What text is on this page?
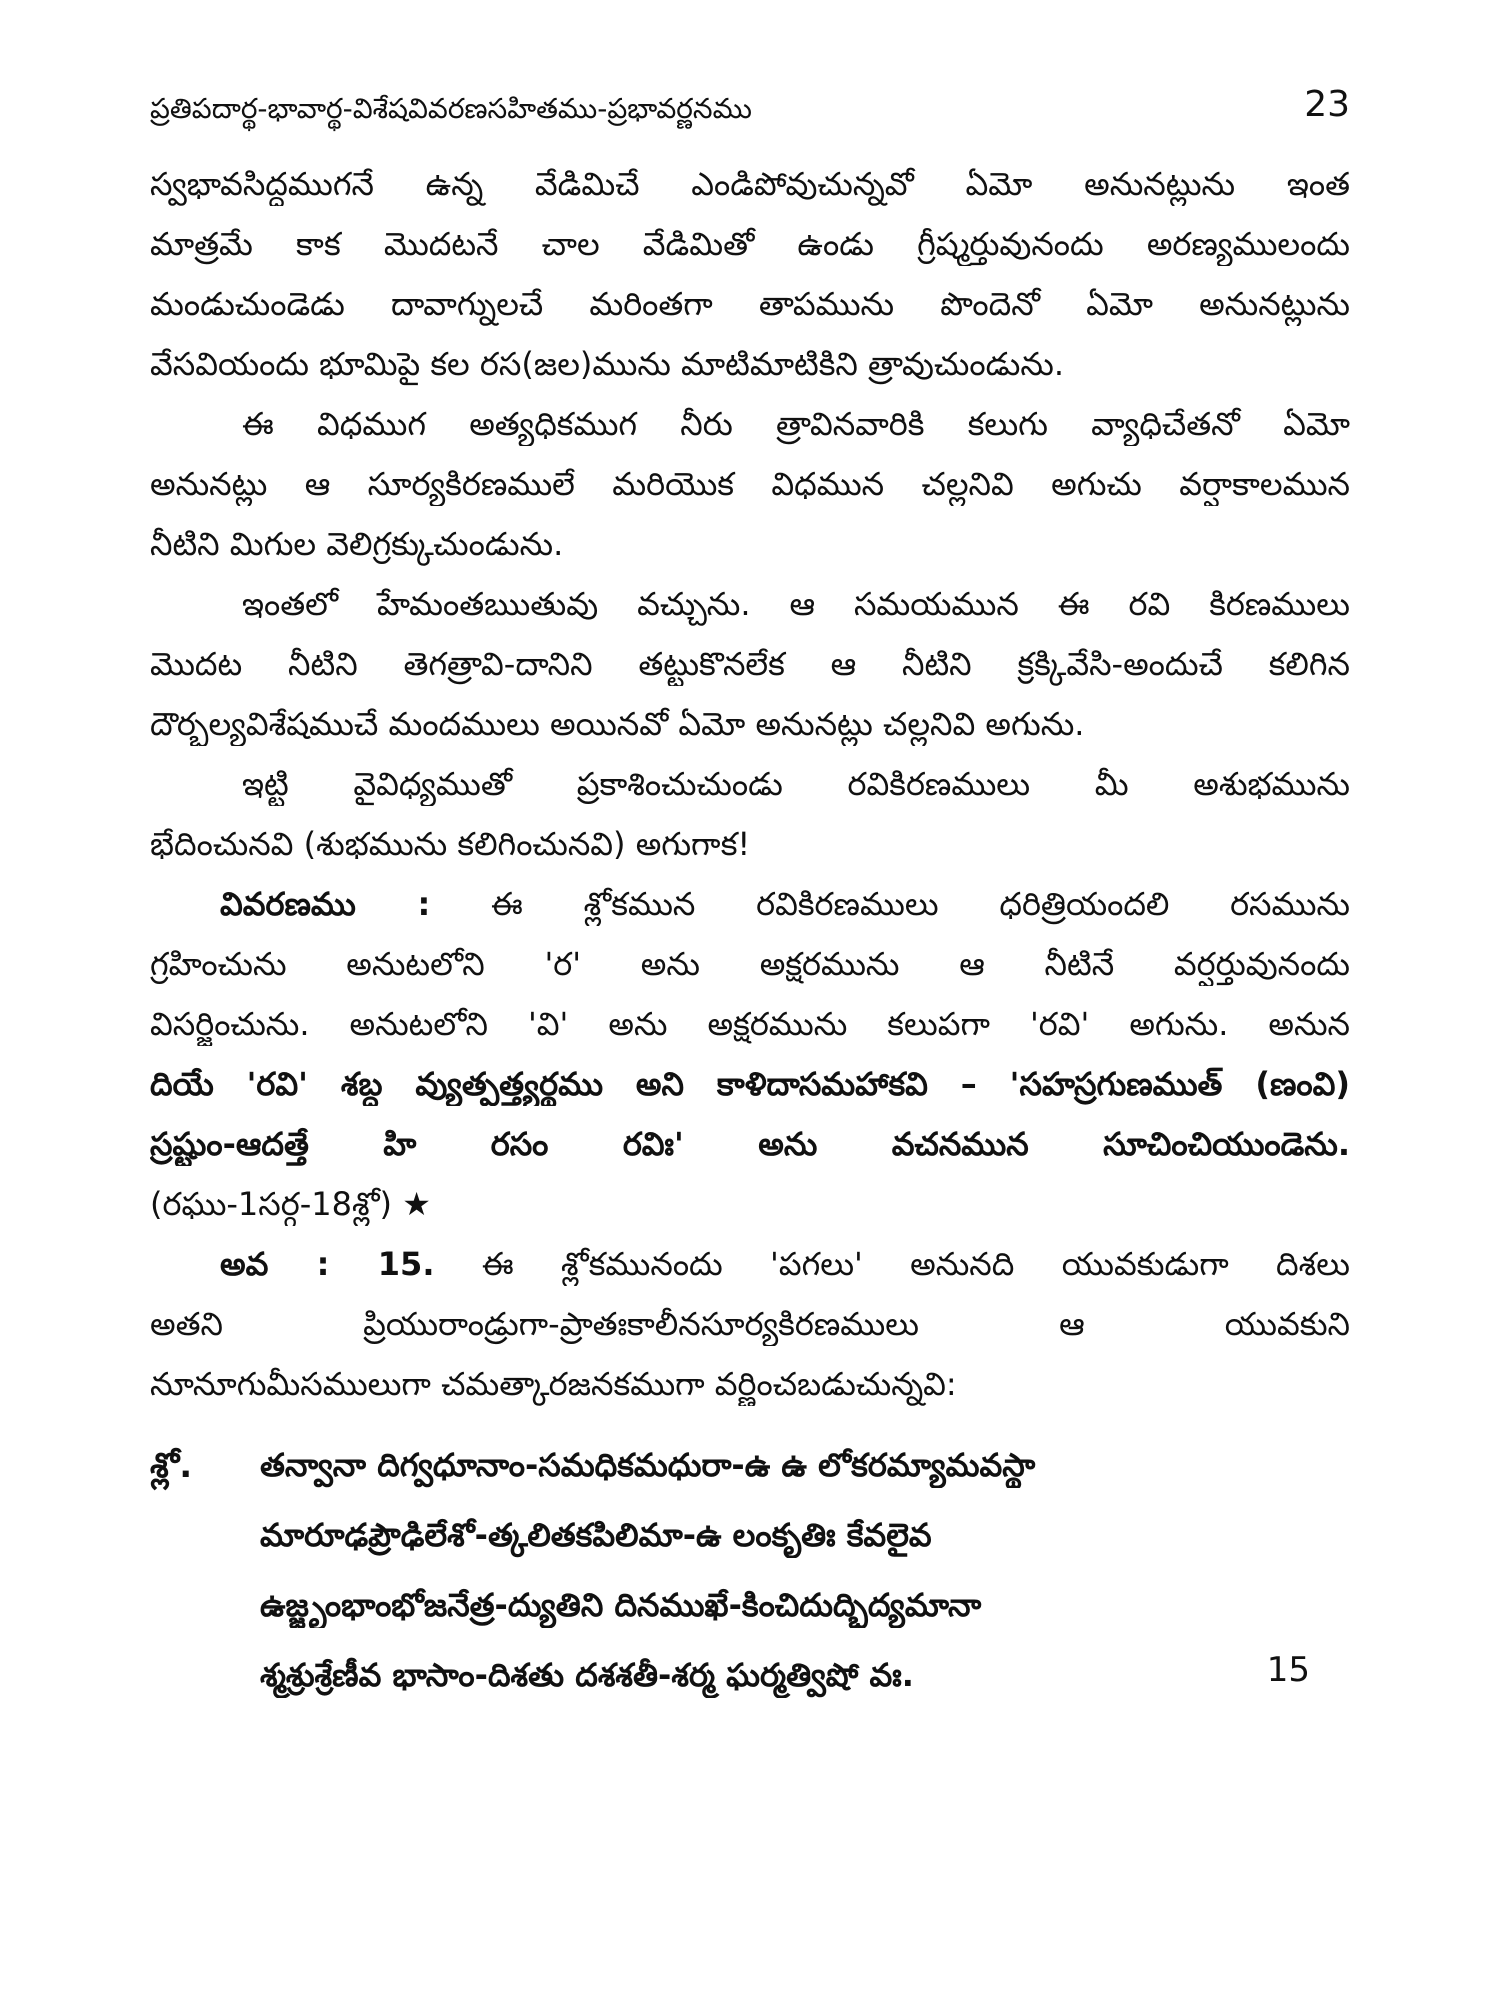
ప్రతిపదార్థ-భావార్థ-విశేషవివరణసహితము-ప్రభావర్ణనము	23
స్వభావసిద్ధముగనే ఉన్న వేడిమిచే ఎండిపోవుచున్నవో ఏమో అనునట్లును ఇంత
మాత్రమే కాక మొదటనే చాల వేడిమితో ఉండు గ్రీష్మర్తువునందు అరణ్యములందు
మండుచుండెడు దావాగ్నులచే మరింతగా తాపమును పొందెనో ఏమో అనునట్లును
వేసవియందు భూమిపై కల రస(జల)మును మాటిమాటికిని త్రావుచుండును.
ఈ విధముగ అత్యధికముగ నీరు త్రావినవారికి కలుగు వ్యాధిచేతనో ఏమో
అనునట్లు ఆ సూర్యకిరణములే మరియొక విధమున చల్లనివి అగుచు వర్షాకాలమున
నీటిని మిగుల వెలిగ్రక్కుచుండును.
ఇంతలో హేమంతఋతువు వచ్చును. ఆ సమయమున ఈ రవి కిరణములు
మొదట నీటిని తెగత్రావి-దానిని తట్టుకొనలేక ఆ నీటిని క్రక్కివేసి-అందుచే కలిగిన
దౌర్బల్యవిశేషముచే మందములు అయినవో ఏమో అనునట్లు చల్లనివి అగును.
ఇట్టి వైవిధ్యముతో ప్రకాశించుచుండు రవికిరణములు మీ అశుభమును
భేదించునవి (శుభమును కలిగించునవి) అగుగాక!
వివరణము : ఈ శ్లోకమున రవికిరణములు ధరిత్రియందలి రసమును
గ్రహించును అనుటలోని 'ర' అను అక్షరమును ఆ నీటినే వర్షర్తువునందు
విసర్జించును. అనుటలోని 'వి' అను అక్షరమును కలుపగా 'రవి' అగును. అనున
దియే 'రవి' శబ్ద వ్యుత్పత్త్యర్థము అని కాళిదాసమహాకవి – 'సహస్రగుణముత్ (ణంవి)
స్రష్టుం-ఆదత్తే హి రసం రవిః' అను వచనమున సూచించియుండెను.
(రఘు-1సర్గ-18శ్లో) ★
అవ : 15. ఈ శ్లోకమునందు 'పగలు' అనునది యువకుడుగా దిశలు
అతని ప్రియురాండ్రుగా-ప్రాతఃకాలీనసూర్యకిరణములు ఆ యువకుని
నూనూగుమీసములుగా చమత్కారజనకముగా వర్ణించబడుచున్నవి:
శ్లో. తన్వానా దిగ్వధూనాం-సమధికమధురా-ఉ ఉ లోకరమ్యామవస్థా
మారూఢప్రౌఢిలేశో-త్కలితకపిలిమా-ఉ లంకృతిః కేవలైవ
ఉజ్జృంభాంభోజనేత్ర-ద్యుతిని దినముఖే-కించిదుద్భిద్యమానా
శ్మశ్రుశ్రేణీవ భాసాం-దిశతు దశశతీ-శర్మ ఘర్మత్విషో వః.	15
